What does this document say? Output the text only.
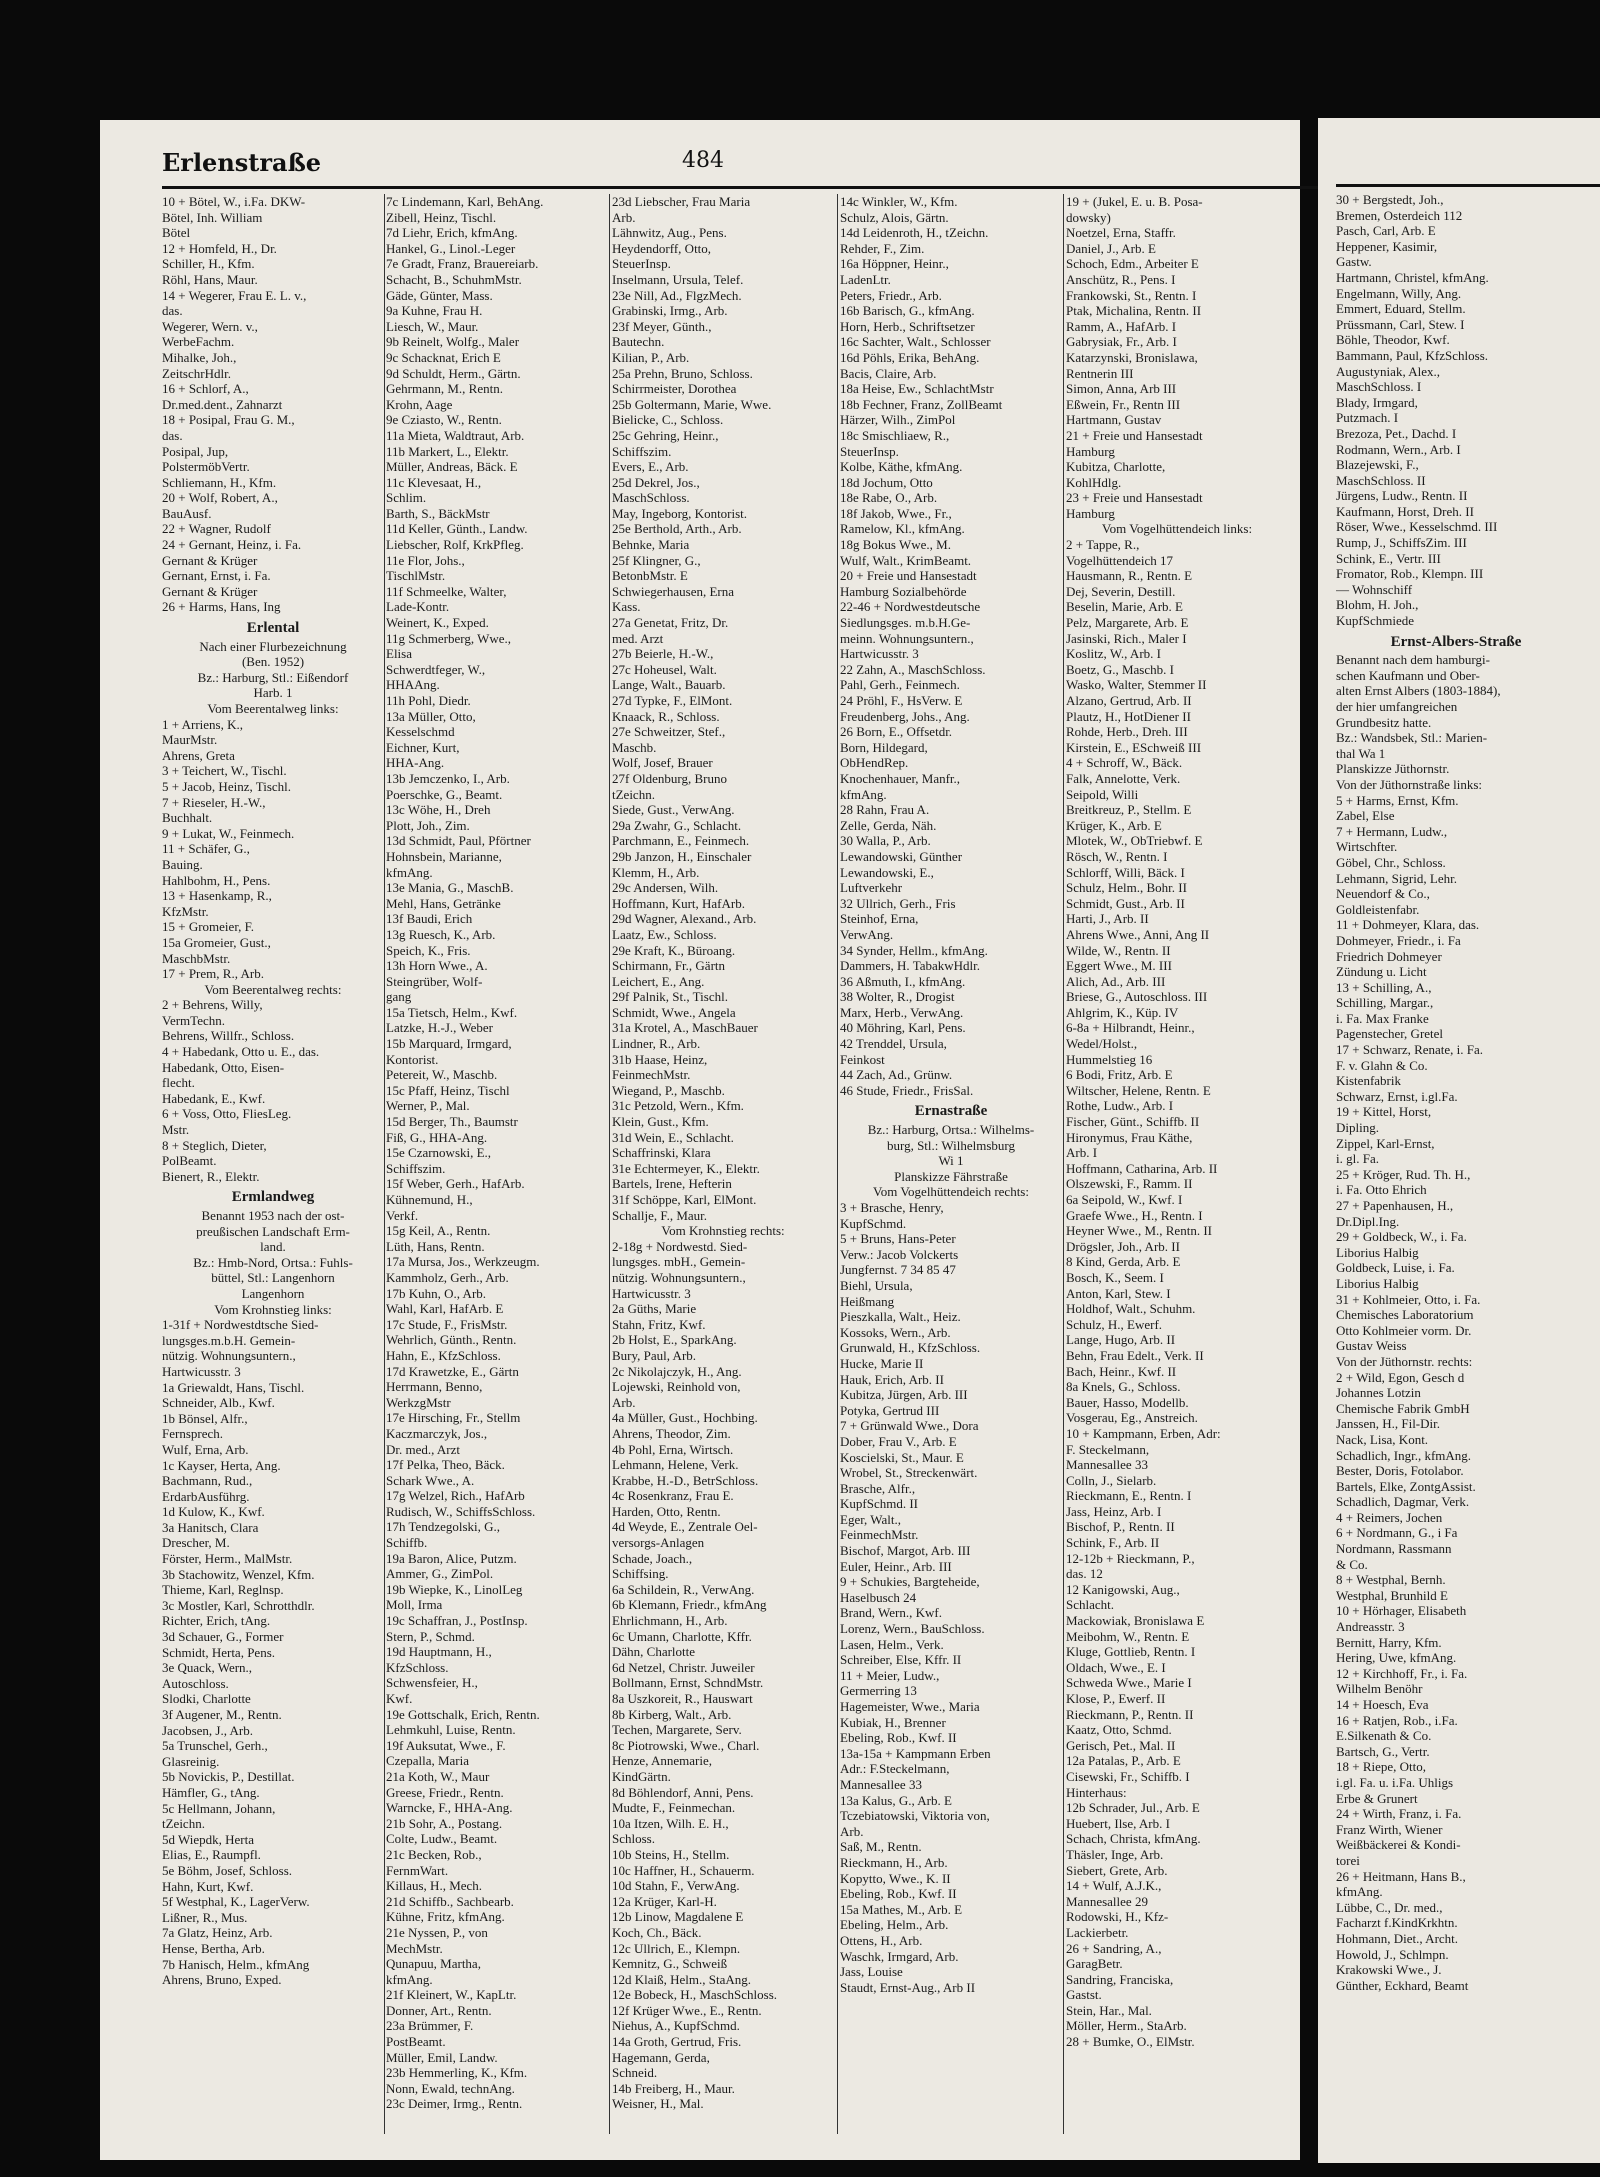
Erlenstraße	484

10 + Bötel, W., i.Fa. DKW-

Bötel, Inh. William

Bötel

12 + Homfeld, H., Dr.

Schiller, H., Kfm.

Röhl, Hans, Maur.

14 + Wegerer, Frau E. L. v.,

das.

Wegerer, Wern. v.,

WerbeFachm.

Mihalke, Joh.,

ZeitschrHdlr.

16 + Schlorf, A.,

Dr.med.dent., Zahnarzt

18 + Posipal, Frau G. M.,

das.

Posipal, Jup,

PolstermöbVertr.

Schliemann, H., Kfm.

20 + Wolf, Robert, A.,

BauAusf.

22 + Wagner, Rudolf

24 + Gernant, Heinz, i. Fa.

Gernant & Krüger

Gernant, Ernst, i. Fa.

Gernant & Krüger

26 + Harms, Hans, Ing

Erlental

Nach einer Flurbezeichnung

(Ben. 1952)

Bz.: Harburg, Stl.: Eißendorf

Harb. 1

Vom Beerentalweg links:

1 + Arriens, K.,

MaurMstr.

Ahrens, Greta

3 + Teichert, W., Tischl.

5 + Jacob, Heinz, Tischl.

7 + Rieseler, H.-W.,

Buchhalt.

9 + Lukat, W., Feinmech.

11 + Schäfer, G.,

Bauing.

Hahlbohm, H., Pens.

13 + Hasenkamp, R.,

KfzMstr.

15 + Gromeier, F.

15a Gromeier, Gust.,

MaschbMstr.

17 + Prem, R., Arb.

Vom Beerentalweg rechts:

2 + Behrens, Willy,

VermTechn.

Behrens, Willfr., Schloss.

4 + Habedank, Otto u. E., das.

Habedank, Otto, Eisen-

flecht.

Habedank, E., Kwf.

6 + Voss, Otto, FliesLeg.

Mstr.

8 + Steglich, Dieter,

PolBeamt.

Bienert, R., Elektr.

Ermlandweg

Benannt 1953 nach der ost-

preußischen Landschaft Erm-

land.

Bz.: Hmb-Nord, Ortsa.: Fuhls-

büttel, Stl.: Langenhorn

Langenhorn

Vom Krohnstieg links:

1-31f + Nordwestdtsche Sied-

lungsges.m.b.H. Gemein-

nützig. Wohnungsuntern.,

Hartwicusstr. 3

1a Griewaldt, Hans, Tischl.

Schneider, Alb., Kwf.

1b Bönsel, Alfr.,

Fernsprech.

Wulf, Erna, Arb.

1c Kayser, Herta, Ang.

Bachmann, Rud.,

ErdarbAusführg.

1d Kulow, K., Kwf.

3a Hanitsch, Clara

Drescher, M.

Förster, Herm., MalMstr.

3b Stachowitz, Wenzel, Kfm.

Thieme, Karl, Reglnsp.

3c Mostler, Karl, Schrotthdlr.

Richter, Erich, tAng.

3d Schauer, G., Former

Schmidt, Herta, Pens.

3e Quack, Wern.,

Autoschloss.

Slodki, Charlotte

3f Augener, M., Rentn.

Jacobsen, J., Arb.

5a Trunschel, Gerh.,

Glasreinig.

5b Novickis, P., Destillat.

Hämfler, G., tAng.

5c Hellmann, Johann,

tZeichn.

5d Wiepdk, Herta

Elias, E., Raumpfl.

5e Böhm, Josef, Schloss.

Hahn, Kurt, Kwf.

5f Westphal, K., LagerVerw.

Lißner, R., Mus.

7a Glatz, Heinz, Arb.

Hense, Bertha, Arb.

7b Hanisch, Helm., kfmAng

Ahrens, Bruno, Exped.

7c Lindemann, Karl, BehAng.

Zibell, Heinz, Tischl.

7d Liehr, Erich, kfmAng.

Hankel, G., Linol.-Leger

7e Gradt, Franz, Brauereiarb.

Schacht, B., SchuhmMstr.

Gäde, Günter, Mass.

9a Kuhne, Frau H.

Liesch, W., Maur.

9b Reinelt, Wolfg., Maler

9c Schacknat, Erich E

9d Schuldt, Herm., Gärtn.

Gehrmann, M., Rentn.

Krohn, Aage

9e Cziasto, W., Rentn.

11a Mieta, Waldtraut, Arb.

11b Markert, L., Elektr.

Müller, Andreas, Bäck. E

11c Klevesaat, H.,

Schlim.

Barth, S., BäckMstr

11d Keller, Günth., Landw.

Liebscher, Rolf, KrkPfleg.

11e Flor, Johs.,

TischlMstr.

11f Schmeelke, Walter,

Lade-Kontr.

Weinert, K., Exped.

11g Schmerberg, Wwe.,

Elisa

Schwerdtfeger, W.,

HHAAng.

11h Pohl, Diedr.

13a Müller, Otto,

Kesselschmd

Eichner, Kurt,

HHA-Ang.

13b Jemczenko, I., Arb.

Poerschke, G., Beamt.

13c Wöhe, H., Dreh

Plott, Joh., Zim.

13d Schmidt, Paul, Pförtner

Hohnsbein, Marianne,

kfmAng.

13e Mania, G., MaschB.

Mehl, Hans, Getränke

13f Baudi, Erich

13g Ruesch, K., Arb.

Speich, K., Fris.

13h Horn Wwe., A.

Steingrüber, Wolf-

gang

15a Tietsch, Helm., Kwf.

Latzke, H.-J., Weber

15b Marquard, Irmgard,

Kontorist.

Petereit, W., Maschb.

15c Pfaff, Heinz, Tischl

Werner, P., Mal.

15d Berger, Th., Baumstr

Fiß, G., HHA-Ang.

15e Czarnowski, E.,

Schiffszim.

15f Weber, Gerh., HafArb.

Kühnemund, H.,

Verkf.

15g Keil, A., Rentn.

Lüth, Hans, Rentn.

17a Mursa, Jos., Werkzeugm.

Kammholz, Gerh., Arb.

17b Kuhn, O., Arb.

Wahl, Karl, HafArb. E

17c Stude, F., FrisMstr.

Wehrlich, Günth., Rentn.

Hahn, E., KfzSchloss.

17d Krawetzke, E., Gärtn

Herrmann, Benno,

WerkzgMstr

17e Hirsching, Fr., Stellm

Kaczmarczyk, Jos.,

Dr. med., Arzt

17f Pelka, Theo, Bäck.

Schark Wwe., A.

17g Welzel, Rich., HafArb

Rudisch, W., SchiffsSchloss.

17h Tendzegolski, G.,

Schiffb.

19a Baron, Alice, Putzm.

Ammer, G., ZimPol.

19b Wiepke, K., LinolLeg

Moll, Irma

19c Schaffran, J., PostInsp.

Stern, P., Schmd.

19d Hauptmann, H.,

KfzSchloss.

Schwensfeier, H.,

Kwf.

19e Gottschalk, Erich, Rentn.

Lehmkuhl, Luise, Rentn.

19f Auksutat, Wwe., F.

Czepalla, Maria

21a Koth, W., Maur

Greese, Friedr., Rentn.

Warncke, F., HHA-Ang.

21b Sohr, A., Postang.

Colte, Ludw., Beamt.

21c Becken, Rob.,

FernmWart.

Killaus, H., Mech.

21d Schiffb., Sachbearb.

Kühne, Fritz, kfmAng.

21e Nyssen, P., von

MechMstr.

Qunapuu, Martha,

kfmAng.

21f Kleinert, W., KapLtr.

Donner, Art., Rentn.

23a Brümmer, F.

PostBeamt.

Müller, Emil, Landw.

23b Hemmerling, K., Kfm.

Nonn, Ewald, technAng.

23c Deimer, Irmg., Rentn.

23d Liebscher, Frau Maria

Arb.

Lähnwitz, Aug., Pens.

Heydendorff, Otto,

SteuerInsp.

Inselmann, Ursula, Telef.

23e Nill, Ad., FlgzMech.

Grabinski, Irmg., Arb.

23f Meyer, Günth.,

Bautechn.

Kilian, P., Arb.

25a Prehn, Bruno, Schloss.

Schirrmeister, Dorothea

25b Goltermann, Marie, Wwe.

Bielicke, C., Schloss.

25c Gehring, Heinr.,

Schiffszim.

Evers, E., Arb.

25d Dekrel, Jos.,

MaschSchloss.

May, Ingeborg, Kontorist.

25e Berthold, Arth., Arb.

Behnke, Maria

25f Klingner, G.,

BetonbMstr. E

Schwiegerhausen, Erna

Kass.

27a Genetat, Fritz, Dr.

med. Arzt

27b Beierle, H.-W.,

27c Hoheusel, Walt.

Lange, Walt., Bauarb.

27d Typke, F., ElMont.

Knaack, R., Schloss.

27e Schweitzer, Stef.,

Maschb.

Wolf, Josef, Brauer

27f Oldenburg, Bruno

tZeichn.

Siede, Gust., VerwAng.

29a Zwahr, G., Schlacht.

Parchmann, E., Feinmech.

29b Janzon, H., Einschaler

Klemm, H., Arb.

29c Andersen, Wilh.

Hoffmann, Kurt, HafArb.

29d Wagner, Alexand., Arb.

Laatz, Ew., Schloss.

29e Kraft, K., Büroang.

Schirmann, Fr., Gärtn

Leichert, E., Ang.

29f Palnik, St., Tischl.

Schmidt, Wwe., Angela

31a Krotel, A., MaschBauer

Lindner, R., Arb.

31b Haase, Heinz,

FeinmechMstr.

Wiegand, P., Maschb.

31c Petzold, Wern., Kfm.

Klein, Gust., Kfm.

31d Wein, E., Schlacht.

Schaffrinski, Klara

31e Echtermeyer, K., Elektr.

Bartels, Irene, Hefterin

31f Schöppe, Karl, ElMont.

Schallje, F., Maur.

Vom Krohnstieg rechts:

2-18g + Nordwestd. Sied-

lungsges. mbH., Gemein-

nützig. Wohnungsuntern.,

Hartwicusstr. 3

2a Güths, Marie

Stahn, Fritz, Kwf.

2b Holst, E., SparkAng.

Bury, Paul, Arb.

2c Nikolajczyk, H., Ang.

Lojewski, Reinhold von,

Arb.

4a Müller, Gust., Hochbing.

Ahrens, Theodor, Zim.

4b Pohl, Erna, Wirtsch.

Lehmann, Helene, Verk.

Krabbe, H.-D., BetrSchloss.

4c Rosenkranz, Frau E.

Harden, Otto, Rentn.

4d Weyde, E., Zentrale Oel-

versorgs-Anlagen

Schade, Joach.,

Schiffsing.

6a Schildein, R., VerwAng.

6b Klemann, Friedr., kfmAng

Ehrlichmann, H., Arb.

6c Umann, Charlotte, Kffr.

Dähn, Charlotte

6d Netzel, Christr. Juweiler

Bollmann, Ernst, SchndMstr.

8a Uszkoreit, R., Hauswart

8b Kirberg, Walt., Arb.

Techen, Margarete, Serv.

8c Piotrowski, Wwe., Charl.

Henze, Annemarie,

KindGärtn.

8d Böhlendorf, Anni, Pens.

Mudte, F., Feinmechan.

10a Itzen, Wilh. E. H.,

Schloss.

10b Steins, H., Stellm.

10c Haffner, H., Schauerm.

10d Stahn, F., VerwAng.

12a Krüger, Karl-H.

12b Linow, Magdalene E

Koch, Ch., Bäck.

12c Ullrich, E., Klempn.

Kemnitz, G., Schweiß

12d Klaiß, Helm., StaAng.

12e Bobeck, H., MaschSchloss.

12f Krüger Wwe., E., Rentn.

Niehus, A., KupfSchmd.

14a Groth, Gertrud, Fris.

Hagemann, Gerda,

Schneid.

14b Freiberg, H., Maur.

Weisner, H., Mal.

14c Winkler, W., Kfm.

Schulz, Alois, Gärtn.

14d Leidenroth, H., tZeichn.

Rehder, F., Zim.

16a Höppner, Heinr.,

LadenLtr.

Peters, Friedr., Arb.

16b Barisch, G., kfmAng.

Horn, Herb., Schriftsetzer

16c Sachter, Walt., Schlosser

16d Pöhls, Erika, BehAng.

Bacis, Claire, Arb.

18a Heise, Ew., SchlachtMstr

18b Fechner, Franz, ZollBeamt

Härzer, Wilh., ZimPol

18c Smischliaew, R.,

SteuerInsp.

Kolbe, Käthe, kfmAng.

18d Jochum, Otto

18e Rabe, O., Arb.

18f Jakob, Wwe., Fr.,

Ramelow, Kl., kfmAng.

18g Bokus Wwe., M.

Wulf, Walt., KrimBeamt.

20 + Freie und Hansestadt

Hamburg Sozialbehörde

22-46 + Nordwestdeutsche

Siedlungsges. m.b.H.Ge-

meinn. Wohnungsuntern.,

Hartwicusstr. 3

22 Zahn, A., MaschSchloss.

Pahl, Gerh., Feinmech.

24 Pröhl, F., HsVerw. E

Freudenberg, Johs., Ang.

26 Born, E., Offsetdr.

Born, Hildegard,

ObHendRep.

Knochenhauer, Manfr.,

kfmAng.

28 Rahn, Frau A.

Zelle, Gerda, Näh.

30 Walla, P., Arb.

Lewandowski, Günther

Lewandowski, E.,

Luftverkehr

32 Ullrich, Gerh., Fris

Steinhof, Erna,

VerwAng.

34 Synder, Hellm., kfmAng.

Dammers, H. TabakwHdlr.

36 Aßmuth, I., kfmAng.

38 Wolter, R., Drogist

Marx, Herb., VerwAng.

40 Möhring, Karl, Pens.

42 Trenddel, Ursula,

Feinkost

44 Zach, Ad., Grünw.

46 Stude, Friedr., FrisSal.

Ernastraße

Bz.: Harburg, Ortsa.: Wilhelms-

burg, Stl.: Wilhelmsburg

Wi 1

Planskizze Fährstraße

Vom Vogelhüttendeich rechts:

3 + Brasche, Henry,

KupfSchmd.

5 + Bruns, Hans-Peter

Verw.: Jacob Volckerts

Jungfernst. 7 34 85 47

Biehl, Ursula,

Heißmang

Pieszkalla, Walt., Heiz.

Kossoks, Wern., Arb.

Grunwald, H., KfzSchloss.

Hucke, Marie II

Hauk, Erich, Arb. II

Kubitza, Jürgen, Arb. III

Potyka, Gertrud III

7 + Grünwald Wwe., Dora

Dober, Frau V., Arb. E

Koscielski, St., Maur. E

Wrobel, St., Streckenwärt.

Brasche, Alfr.,

KupfSchmd. II

Eger, Walt.,

FeinmechMstr.

Bischof, Margot, Arb. III

Euler, Heinr., Arb. III

9 + Schukies, Bargteheide,

Haselbusch 24

Brand, Wern., Kwf.

Lorenz, Wern., BauSchloss.

Lasen, Helm., Verk.

Schreiber, Else, Kffr. II

11 + Meier, Ludw.,

Germerring 13

Hagemeister, Wwe., Maria

Kubiak, H., Brenner

Ebeling, Rob., Kwf. II

13a-15a + Kampmann Erben

Adr.: F.Steckelmann,

Mannesallee 33

13a Kalus, G., Arb. E

Tczebiatowski, Viktoria von,

Arb.

Saß, M., Rentn.

Rieckmann, H., Arb.

Kopytto, Wwe., K. II

Ebeling, Rob., Kwf. II

15a Mathes, M., Arb. E

Ebeling, Helm., Arb.

Ottens, H., Arb.

Waschk, Irmgard, Arb.

Jass, Louise

Staudt, Ernst-Aug., Arb II

19 + (Jukel, E. u. B. Posa-

dowsky)

Noetzel, Erna, Staffr.

Daniel, J., Arb. E

Schoch, Edm., Arbeiter E

Anschütz, R., Pens. I

Frankowski, St., Rentn. I

Ptak, Michalina, Rentn. II

Ramm, A., HafArb. I

Gabrysiak, Fr., Arb. I

Katarzynski, Bronislawa,

Rentnerin III

Simon, Anna, Arb III

Eßwein, Fr., Rentn III

Hartmann, Gustav

21 + Freie und Hansestadt

Hamburg

Kubitza, Charlotte,

KohlHdlg.

23 + Freie und Hansestadt

Hamburg

Vom Vogelhüttendeich links:

2 + Tappe, R.,

Vogelhüttendeich 17

Hausmann, R., Rentn. E

Dej, Severin, Destill.

Beselin, Marie, Arb. E

Pelz, Margarete, Arb. E

Jasinski, Rich., Maler I

Koslitz, W., Arb. I

Boetz, G., Maschb. I

Wasko, Walter, Stemmer II

Alzano, Gertrud, Arb. II

Plautz, H., HotDiener II

Rohde, Herb., Dreh. III

Kirstein, E., ESchweiß III

4 + Schroff, W., Bäck.

Falk, Annelotte, Verk.

Seipold, Willi

Breitkreuz, P., Stellm. E

Krüger, K., Arb. E

Mlotek, W., ObTriebwf. E

Rösch, W., Rentn. I

Schlorff, Willi, Bäck. I

Schulz, Helm., Bohr. II

Schmidt, Gust., Arb. II

Harti, J., Arb. II

Ahrens Wwe., Anni, Ang II

Wilde, W., Rentn. II

Eggert Wwe., M. III

Alich, Ad., Arb. III

Briese, G., Autoschloss. III

Ahlgrim, K., Küp. IV

6-8a + Hilbrandt, Heinr.,

Wedel/Holst.,

Hummelstieg 16

6 Bodi, Fritz, Arb. E

Wiltscher, Helene, Rentn. E

Rothe, Ludw., Arb. I

Fischer, Günt., Schiffb. II

Hironymus, Frau Käthe,

Arb. I

Hoffmann, Catharina, Arb. II

Olszewski, F., Ramm. II

6a Seipold, W., Kwf. I

Graefe Wwe., H., Rentn. I

Heyner Wwe., M., Rentn. II

Drögsler, Joh., Arb. II

8 Kind, Gerda, Arb. E

Bosch, K., Seem. I

Anton, Karl, Stew. I

Holdhof, Walt., Schuhm.

Schulz, H., Ewerf.

Lange, Hugo, Arb. II

Behn, Frau Edelt., Verk. II

Bach, Heinr., Kwf. II

8a Knels, G., Schloss.

Bauer, Hasso, Modellb.

Vosgerau, Eg., Anstreich.

10 + Kampmann, Erben, Adr:

F. Steckelmann,

Mannesallee 33

Colln, J., Sielarb.

Rieckmann, E., Rentn. I

Jass, Heinz, Arb. I

Bischof, P., Rentn. II

Schink, F., Arb. II

12-12b + Rieckmann, P.,

das. 12

12 Kanigowski, Aug.,

Schlacht.

Mackowiak, Bronislawa E

Meibohm, W., Rentn. E

Kluge, Gottlieb, Rentn. I

Oldach, Wwe., E. I

Schweda Wwe., Marie I

Klose, P., Ewerf. II

Rieckmann, P., Rentn. II

Kaatz, Otto, Schmd.

Gerisch, Pet., Mal. II

12a Patalas, P., Arb. E

Cisewski, Fr., Schiffb. I

Hinterhaus:

12b Schrader, Jul., Arb. E

Huebert, Ilse, Arb. I

Schach, Christa, kfmAng.

Thäsler, Inge, Arb.

Siebert, Grete, Arb.

14 + Wulf, A.J.K.,

Mannesallee 29

Rodowski, H., Kfz-

Lackierbetr.

26 + Sandring, A.,

GaragBetr.

Sandring, Franciska,

Gastst.

Stein, Har., Mal.

Möller, Herm., StaArb.

28 + Bumke, O., ElMstr.

30 + Bergstedt, Joh.,

Bremen, Osterdeich 112

Pasch, Carl, Arb. E

Heppener, Kasimir,

Gastw.

Hartmann, Christel, kfmAng.

Engelmann, Willy, Ang.

Emmert, Eduard, Stellm.

Prüssmann, Carl, Stew. I

Böhle, Theodor, Kwf.

Bammann, Paul, KfzSchloss.

Augustyniak, Alex.,

MaschSchloss. I

Blady, Irmgard,

Putzmach. I

Brezoza, Pet., Dachd. I

Rodmann, Wern., Arb. I

Blazejewski, F.,

MaschSchloss. II

Jürgens, Ludw., Rentn. II

Kaufmann, Horst, Dreh. II

Röser, Wwe., Kesselschmd. III

Rump, J., SchiffsZim. III

Schink, E., Vertr. III

Fromator, Rob., Klempn. III

— Wohnschiff

Blohm, H. Joh.,

KupfSchmiede

Ernst-Albers-Straße

Benannt nach dem hamburgi-

schen Kaufmann und Ober-

alten Ernst Albers (1803-1884),

der hier umfangreichen

Grundbesitz hatte.

Bz.: Wandsbek, Stl.: Marien-

thal Wa 1

Planskizze Jüthornstr.

Von der Jüthornstraße links:

5 + Harms, Ernst, Kfm.

Zabel, Else

7 + Hermann, Ludw.,

Wirtschfter.

Göbel, Chr., Schloss.

Lehmann, Sigrid, Lehr.

Neuendorf & Co.,

Goldleistenfabr.

11 + Dohmeyer, Klara, das.

Dohmeyer, Friedr., i. Fa

Friedrich Dohmeyer

Zündung u. Licht

13 + Schilling, A.,

Schilling, Margar.,

i. Fa. Max Franke

Pagenstecher, Gretel

17 + Schwarz, Renate, i. Fa.

F. v. Glahn & Co.

Kistenfabrik

Schwarz, Ernst, i.gl.Fa.

19 + Kittel, Horst,

Dipling.

Zippel, Karl-Ernst,

i. gl. Fa.

25 + Kröger, Rud. Th. H.,

i. Fa. Otto Ehrich

27 + Papenhausen, H.,

Dr.Dipl.Ing.

29 + Goldbeck, W., i. Fa.

Liborius Halbig

Goldbeck, Luise, i. Fa.

Liborius Halbig

31 + Kohlmeier, Otto, i. Fa.

Chemisches Laboratorium

Otto Kohlmeier vorm. Dr.

Gustav Weiss

Von der Jüthornstr. rechts:

2 + Wild, Egon, Gesch d

Johannes Lotzin

Chemische Fabrik GmbH

Janssen, H., Fil-Dir.

Nack, Lisa, Kont.

Schadlich, Ingr., kfmAng.

Bester, Doris, Fotolabor.

Bartels, Elke, ZontgAssist.

Schadlich, Dagmar, Verk.

4 + Reimers, Jochen

6 + Nordmann, G., i Fa

Nordmann, Rassmann

& Co.

8 + Westphal, Bernh.

Westphal, Brunhild E

10 + Hörhager, Elisabeth

Andreasstr. 3

Bernitt, Harry, Kfm.

Hering, Uwe, kfmAng.

12 + Kirchhoff, Fr., i. Fa.

Wilhelm Benöhr

14 + Hoesch, Eva

16 + Ratjen, Rob., i.Fa.

E.Silkenath & Co.

Bartsch, G., Vertr.

18 + Riepe, Otto,

i.gl. Fa. u. i.Fa. Uhligs

Erbe & Grunert

24 + Wirth, Franz, i. Fa.

Franz Wirth, Wiener

Weißbäckerei & Kondi-

torei

26 + Heitmann, Hans B.,

kfmAng.

Lübbe, C., Dr. med.,

Facharzt f.KindKrkhtn.

Hohmann, Diet., Archt.

Howold, J., Schlmpn.

Krakowski Wwe., J.

Günther, Eckhard, Beamt
